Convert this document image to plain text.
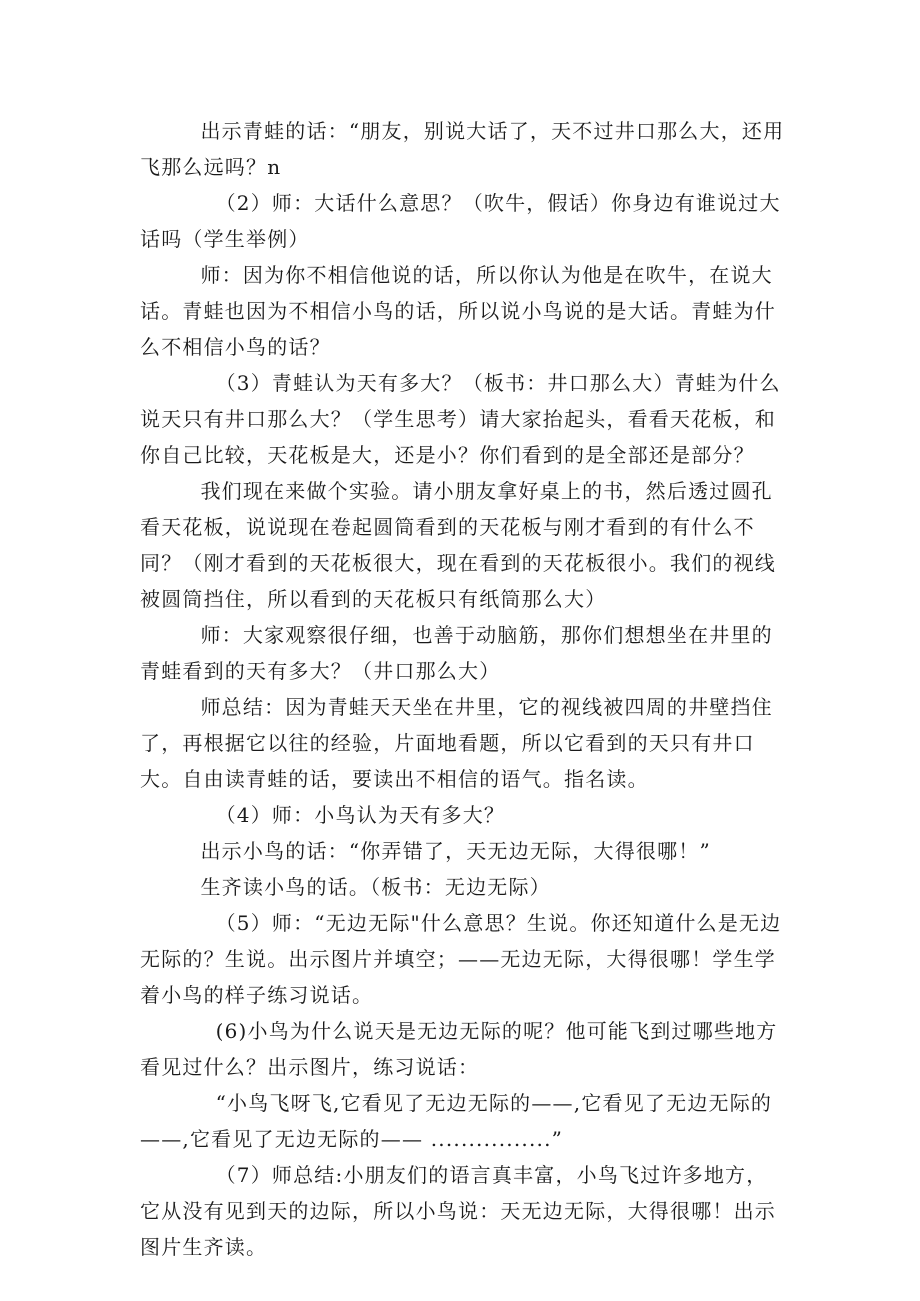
出示青蛙的话：“朋友，别说大话了，天不过井口那么大，还用飞那么远吗？n

（2）师：大话什么意思？（吹牛，假话）你身边有谁说过大话吗（学生举例）

师：因为你不相信他说的话，所以你认为他是在吹牛，在说大话。青蛙也因为不相信小鸟的话，所以说小鸟说的是大话。青蛙为什么不相信小鸟的话？

（3）青蛙认为天有多大？（板书：井口那么大）青蛙为什么说天只有井口那么大？（学生思考）请大家抬起头，看看天花板，和你自己比较，天花板是大，还是小？你们看到的是全部还是部分？

我们现在来做个实验。请小朋友拿好桌上的书，然后透过圆孔看天花板，说说现在卷起圆筒看到的天花板与刚才看到的有什么不同？（刚才看到的天花板很大，现在看到的天花板很小。我们的视线被圆筒挡住，所以看到的天花板只有纸筒那么大）

师：大家观察很仔细，也善于动脑筋，那你们想想坐在井里的青蛙看到的天有多大？（井口那么大）

师总结：因为青蛙天天坐在井里，它的视线被四周的井壁挡住了，再根据它以往的经验，片面地看题，所以它看到的天只有井口大。自由读青蛙的话，要读出不相信的语气。指名读。

（4）师：小鸟认为天有多大？

出示小鸟的话：“你弄错了，天无边无际，大得很哪！”

生齐读小鸟的话。（板书：无边无际）

（5）师：“无边无际"什么意思？生说。你还知道什么是无边无际的？生说。出示图片并填空；——无边无际，大得很哪！学生学着小鸟的样子练习说话。

(6)小鸟为什么说天是无边无际的呢？他可能飞到过哪些地方看见过什么？出示图片，练习说话：

“小鸟飞呀飞,它看见了无边无际的——,它看见了无边无际的——,它看见了无边无际的—— ................”

（7）师总结:小朋友们的语言真丰富，小鸟飞过许多地方，它从没有见到天的边际，所以小鸟说：天无边无际，大得很哪！出示图片生齐读。
